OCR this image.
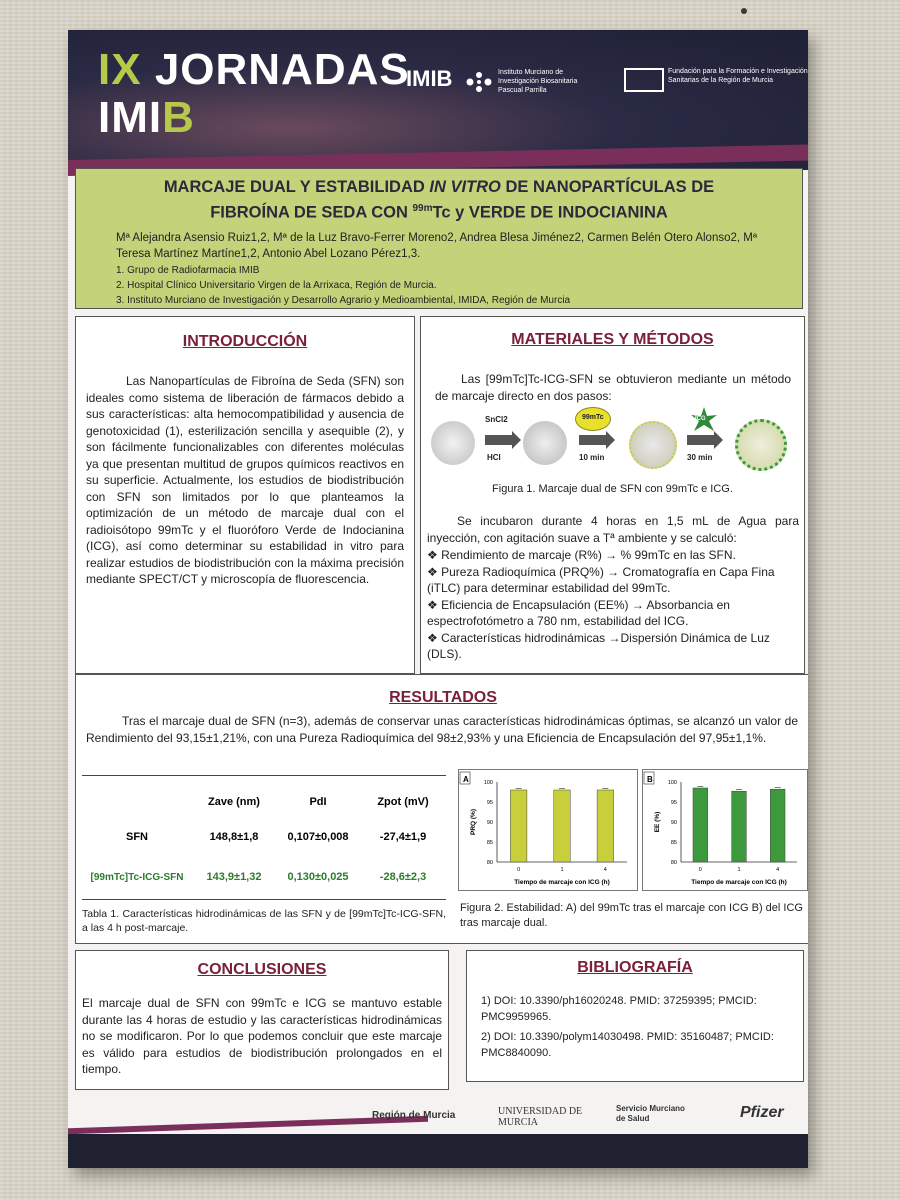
IX JORNADAS
IMIB
IMIB	Instituto Murciano de Investigación Biosanitaria Pascual Parrilla
Fundación para la Formación e Investigación Sanitarias de la Región de Murcia
MARCAJE DUAL Y ESTABILIDAD IN VITRO DE NANOPARTÍCULAS DE
FIBROÍNA DE SEDA CON $^{99m}$Tc y VERDE DE INDOCIANINA
Mª Alejandra Asensio Ruiz1,2, Mª de la Luz Bravo-Ferrer Moreno2, Andrea Blesa Jiménez2, Carmen Belén Otero Alonso2, Mª Teresa Martínez Martíne1,2, Antonio Abel Lozano Pérez1,3.
1. Grupo de Radiofarmacia IMIB
2. Hospital Clínico Universitario Virgen de la Arrixaca, Región de Murcia.
3. Instituto Murciano de Investigación y Desarrollo Agrario y Medioambiental, IMIDA, Región de Murcia
INTRODUCCIÓN
Las Nanopartículas de Fibroína de Seda (SFN) son ideales como sistema de liberación de fármacos debido a sus características: alta hemocompatibilidad y ausencia de genotoxicidad (1), esterilización sencilla y asequible (2), y son fácilmente funcionalizables con diferentes moléculas ya que presentan multitud de grupos químicos reactivos en su superficie. Actualmente, los estudios de biodistribución con SFN son limitados por lo que planteamos la optimización de un método de marcaje dual con el radioisótopo 99mTc y el fluoróforo Verde de Indocianina (ICG), así como determinar su estabilidad in vitro para realizar estudios de biodistribución con la máxima precisión mediante SPECT/CT y microscopía de fluorescencia.
MATERIALES Y MÉTODOS
Las [99mTc]Tc-ICG-SFN se obtuvieron mediante un método de marcaje directo en dos pasos:
SnCl2
HCl
99mTc
10 min
ICG
30 min
Figura 1. Marcaje dual de SFN con 99mTc e ICG.
Se incubaron durante 4 horas en 1,5 mL de Agua para inyección, con agitación suave a Tª ambiente y se calculó:
❖ Rendimiento de marcaje (R%) → % 99mTc en las SFN.
❖ Pureza Radioquímica (PRQ%) → Cromatografía en Capa Fina (iTLC) para determinar estabilidad del 99mTc.
❖ Eficiencia de Encapsulación (EE%) → Absorbancia en espectrofotómetro a 780 nm, estabilidad del ICG.
❖ Características hidrodinámicas →Dispersión Dinámica de Luz (DLS).
RESULTADOS
Tras el marcaje dual de SFN (n=3), además de conservar unas características hidrodinámicas óptimas, se alcanzó un valor de Rendimiento del 93,15±1,21%, con una Pureza Radioquímica del 98±2,93% y una Eficiencia de Encapsulación del 97,95±1,1%.
	Zave (nm)	PdI	Zpot (mV)
SFN	148,8±1,8	0,107±0,008	-27,4±1,9
[99mTc]Tc-ICG-SFN	143,9±1,32	0,130±0,025	-28,6±2,3
Tabla 1. Características hidrodinámicas de las SFN y de [99mTc]Tc-ICG-SFN, a las 4 h post-marcaje.
A
80
85
90
95
100
PRQ (%)
0	1	4
Tiempo de marcaje con ICG (h)
B
80
85
90
95
100
EE (%)
0	1	4
Tiempo de marcaje con ICG (h)
Figura 2. Estabilidad: A) del 99mTc tras el marcaje con ICG B) del ICG tras marcaje dual.
CONCLUSIONES
El marcaje dual de SFN con 99mTc e ICG se mantuvo estable durante las 4 horas de estudio y las características hidrodinámicas no se modificaron. Por lo que podemos concluir que este marcaje es válido para estudios de biodistribución prolongados en el tiempo.
BIBLIOGRAFÍA
1) DOI: 10.3390/ph16020248. PMID: 37259395; PMCID: PMC9959965.
2) DOI: 10.3390/polym14030498. PMID: 35160487; PMCID: PMC8840090.
Región de Murcia	UNIVERSIDAD DE MURCIA
Servicio Murciano de Salud	Pfizer
